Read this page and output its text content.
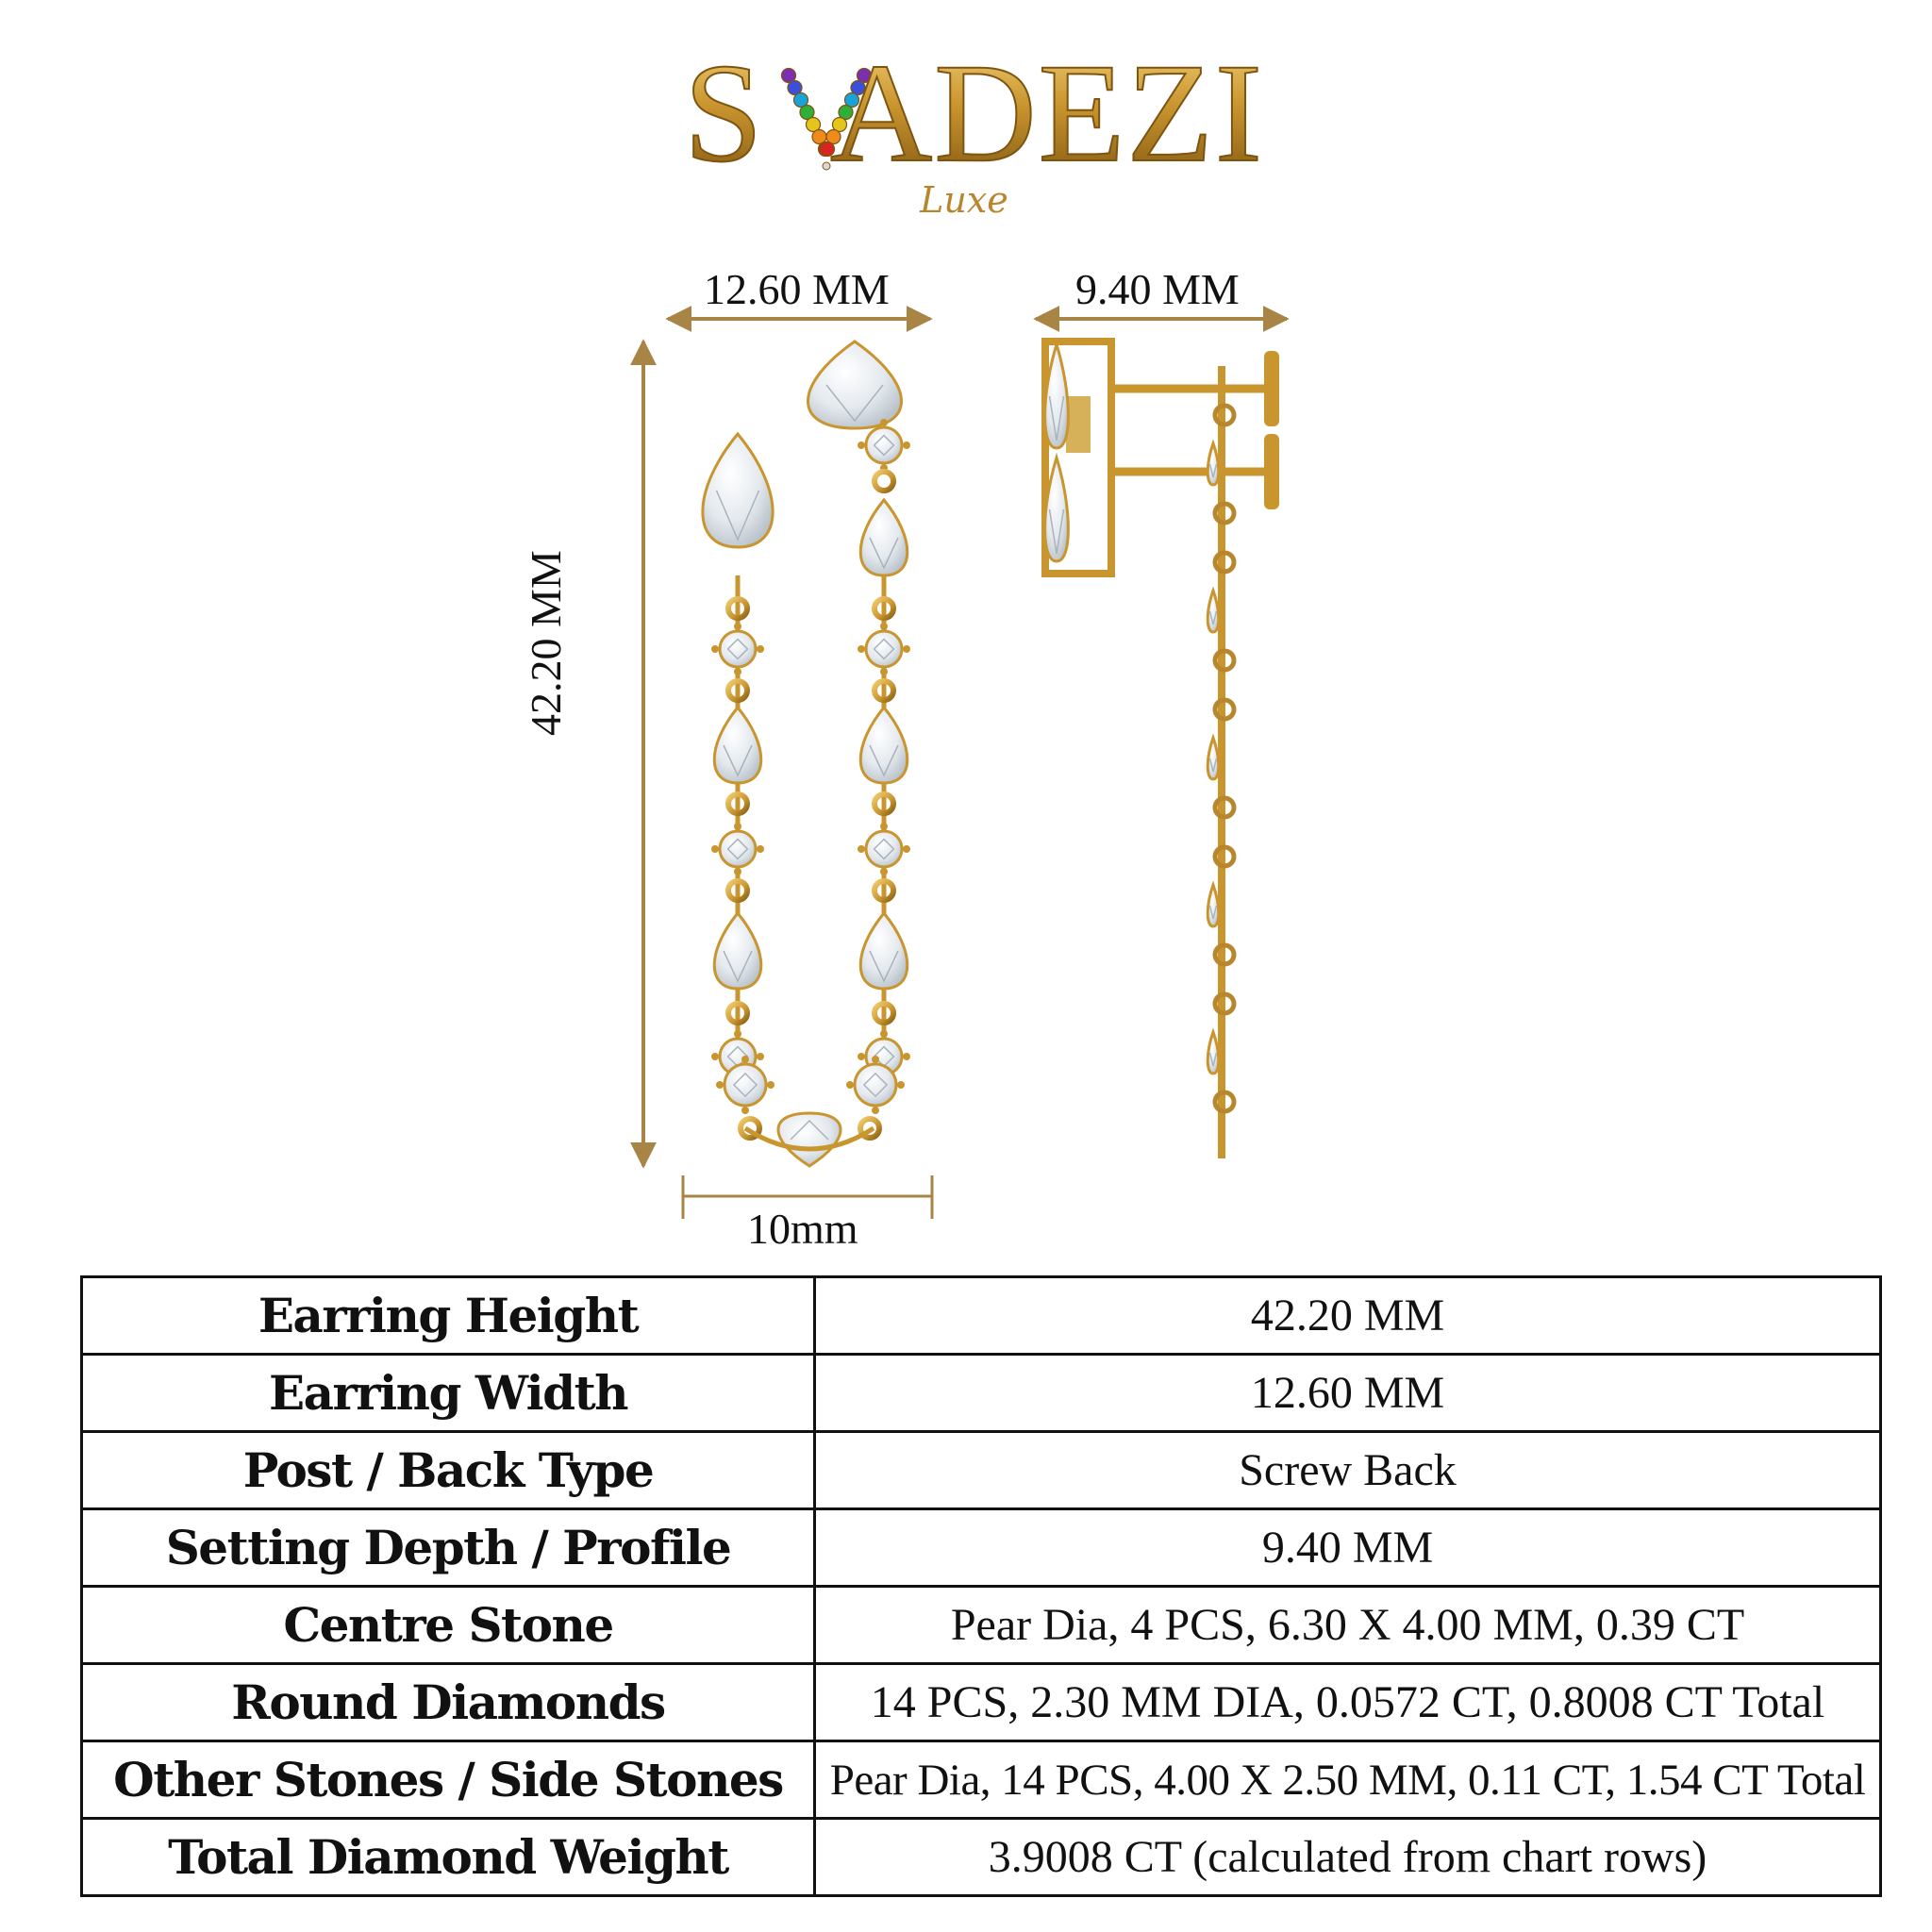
S ADEZI
Luxe
12.60 MM	9.40 MM
42.20 MM
10mm
Earring Height	42.20 MM
Earring Width	12.60 MM
Post / Back Type	Screw Back
Setting Depth / Profile	9.40 MM
Centre Stone	Pear Dia, 4 PCS, 6.30 X 4.00 MM, 0.39 CT
Round Diamonds	14 PCS, 2.30 MM DIA, 0.0572 CT, 0.8008 CT Total
Other Stones / Side Stones	Pear Dia, 14 PCS, 4.00 X 2.50 MM, 0.11 CT, 1.54 CT Total
Total Diamond Weight	3.9008 CT (calculated from chart rows)
